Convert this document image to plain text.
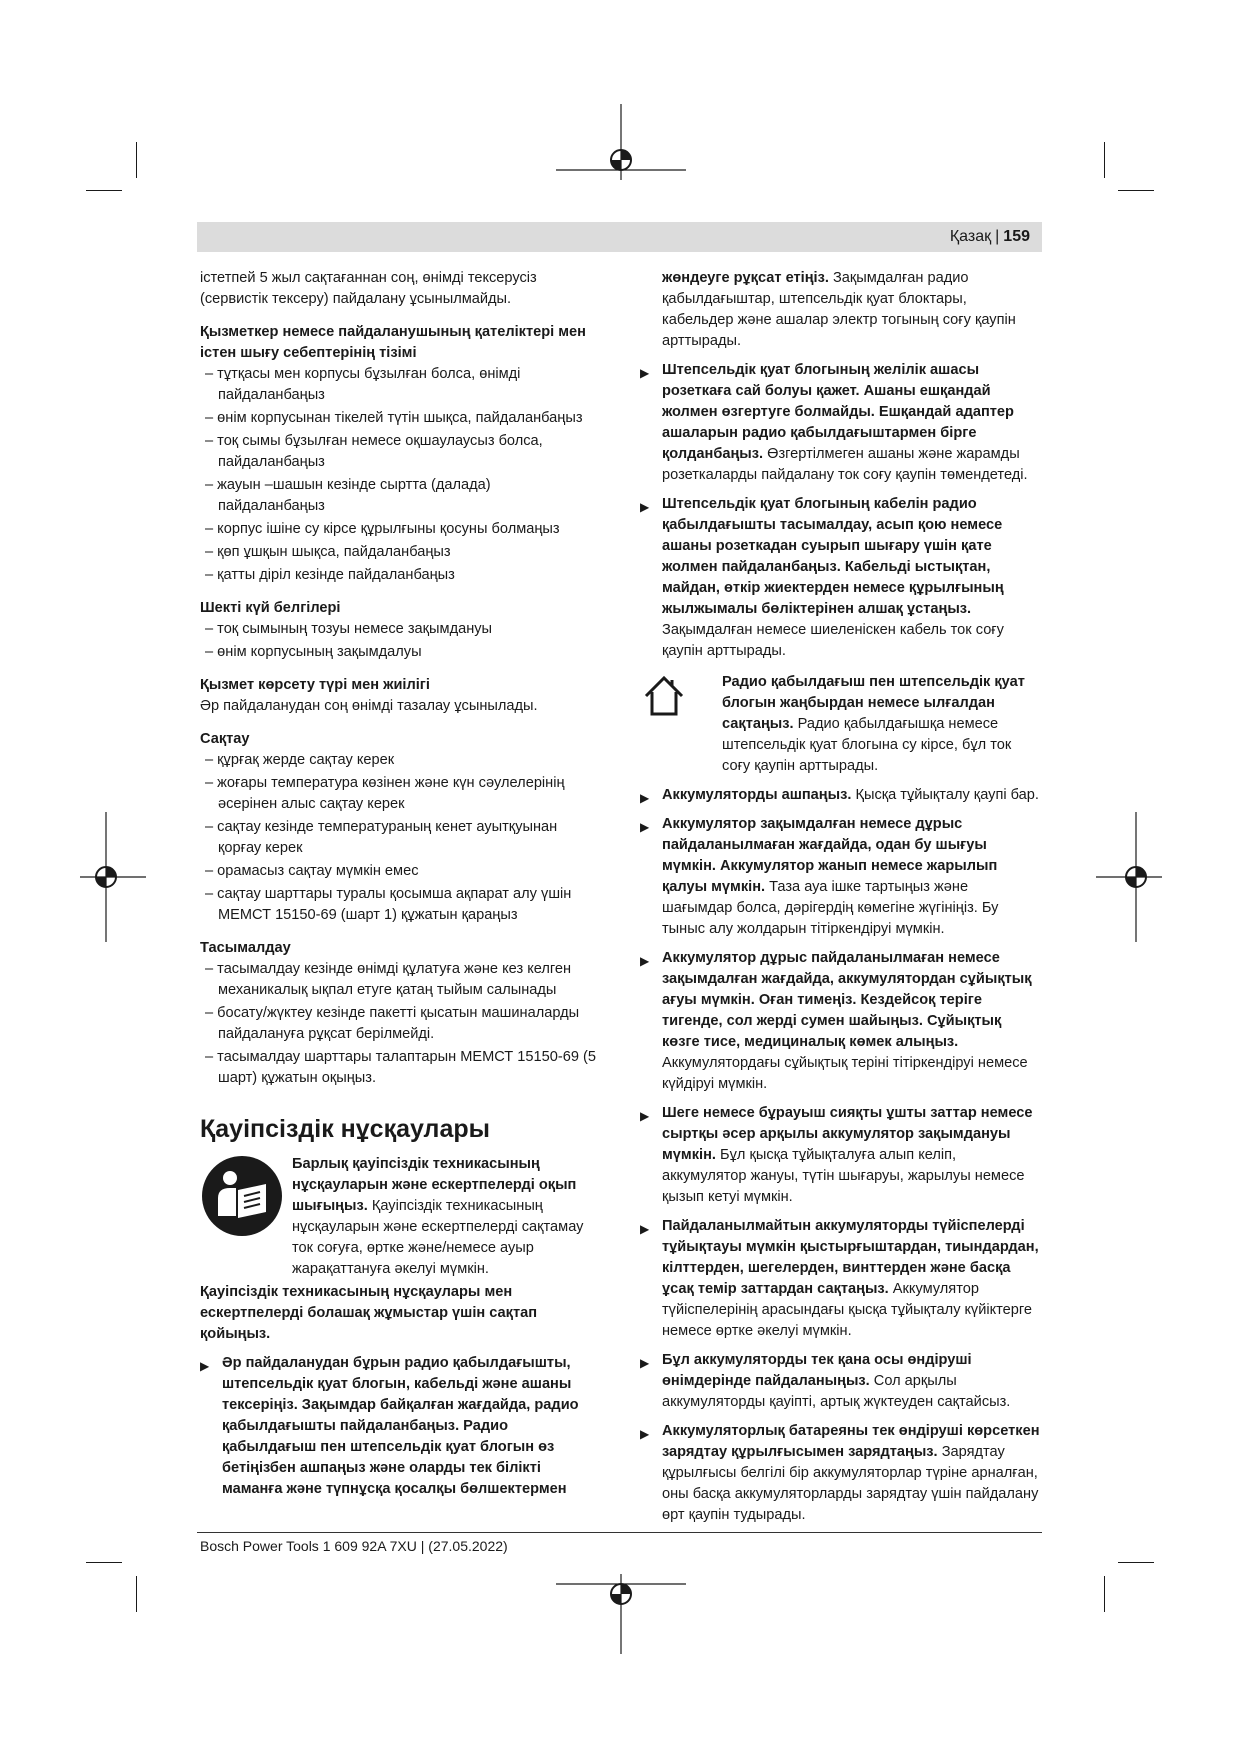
Қазақ | 159

істетпей 5 жыл сақтағаннан соң, өнімді тексерусіз (сервистік тексеру) пайдалану ұсынылмайды.

Қызметкер немесе пайдаланушының қателіктері мен істен шығу себептерінің тізімі

– тұтқасы мен корпусы бұзылған болса, өнімді пайдаланбаңыз
– өнім корпусынан тікелей түтін шықса, пайдаланбаңыз
– тоқ сымы бұзылған немесе оқшаулаусыз болса, пайдаланбаңыз
– жауын –шашын кезінде сыртта (далада) пайдаланбаңыз
– корпус ішіне су кірсе құрылғыны қосуны болмаңыз
– қөп ұшқын шықса, пайдаланбаңыз
– қатты діріл кезінде пайдаланбаңыз

Шекті күй белгілері

– тоқ сымының тозуы немесе зақымдануы
– өнім корпусының зақымдалуы

Қызмет көрсету түрі мен жиілігі

Әр пайдаланудан соң өнімді тазалау ұсынылады.

Сақтау

– құрғақ жерде сақтау керек
– жоғары температура көзінен және күн сәулелерінің әсерінен алыс сақтау керек
– сақтау кезінде температураның кенет ауытқуынан қорғау керек
– орамасыз сақтау мүмкін емес
– сақтау шарттары туралы қосымша ақпарат алу үшін МЕМСТ 15150-69 (шарт 1) құжатын қараңыз

Тасымалдау

– тасымалдау кезінде өнімді құлатуға және кез келген механикалық ықпал етуге қатаң тыйым салынады
– босату/жүктеу кезінде пакетті қысатын машиналарды пайдалануға рұқсат берілмейді.
– тасымалдау шарттары талаптарын МЕМСТ 15150-69 (5 шарт) құжатын оқыңыз.
Қауіпсіздік нұсқаулары

Барлық қауіпсіздік техникасының нұсқауларын және ескертпелерді оқып шығыңыз. Қауіпсіздік техникасының нұсқауларын және ескертпелерді сақтамау ток соғуға, өртке және/немесе ауыр жарақаттануға әкелуі мүмкін.

Қауіпсіздік техникасының нұсқаулары мен ескертпелерді болашақ жұмыстар үшін сақтап қойыңыз.

▶ Әр пайдаланудан бұрын радио қабылдағышты, штепсельдік қуат блогын, кабельді және ашаны тексеріңіз. Зақымдар байқалған жағдайда, радио қабылдағышты пайдаланбаңыз. Радио қабылдағыш пен штепсельдік қуат блогын өз бетіңізбен ашпаңыз және оларды тек білікті маманға және түпнұсқа қосалқы бөлшектермен

жөндеуге рұқсат етіңіз. Зақымдалған радио қабылдағыштар, штепсельдік қуат блоктары, кабельдер және ашалар электр тогының соғу қаупін арттырады.

▶ Штепсельдік қуат блогының желілік ашасы розеткаға сай болуы қажет. Ашаны ешқандай жолмен өзгертуге болмайды. Ешқандай адаптер ашаларын радио қабылдағыштармен бірге қолданбаңыз. Өзгертілмеген ашаны және жарамды розеткаларды пайдалану ток соғу қаупін төмендетеді.

▶ Штепсельдік қуат блогының кабелін радио қабылдағышты тасымалдау, асып қою немесе ашаны розеткадан суырып шығару үшін қате жолмен пайдаланбаңыз. Кабельді ыстықтан, майдан, өткір жиектерден немесе құрылғының жылжымалы бөліктерінен алшақ ұстаңыз. Зақымдалған немесе шиеленіскен кабель ток соғу қаупін арттырады.

Радио қабылдағыш пен штепсельдік қуат блогын жаңбырдан немесе ылғалдан сақтаңыз. Радио қабылдағышқа немесе штепсельдік қуат блогына су кірсе, бұл ток соғу қаупін арттырады.

▶ Аккумуляторды ашпаңыз. Қысқа тұйықталу қаупі бар.

▶ Аккумулятор зақымдалған немесе дұрыс пайдаланылмаған жағдайда, одан бу шығуы мүмкін. Аккумулятор жанып немесе жарылып қалуы мүмкін. Таза ауа ішке тартыңыз және шағымдар болса, дәрігердің көмегіне жүгініңіз. Бу тыныс алу жолдарын тітіркендіруі мүмкін.

▶ Аккумулятор дұрыс пайдаланылмаған немесе зақымдалған жағдайда, аккумулятордан сұйықтық ағуы мүмкін. Оған тимеңіз. Кездейсоқ теріге тигенде, сол жерді сумен шайыңыз. Сұйықтық көзге тисе, медициналық көмек алыңыз. Аккумулятордағы сұйықтық теріні тітіркендіруі немесе күйдіруі мүмкін.

▶ Шеге немесе бұрауыш сияқты ұшты заттар немесе сыртқы әсер арқылы аккумулятор зақымдануы мүмкін. Бұл қысқа тұйықталуға алып келіп, аккумулятор жануы, түтін шығаруы, жарылуы немесе қызып кетуі мүмкін.

▶ Пайдаланылмайтын аккумуляторды түйіспелерді тұйықтауы мүмкін қыстырғыштардан, тиындардан, кілттерден, шегелерден, винттерден және басқа ұсақ темір заттардан сақтаңыз. Аккумулятор түйіспелерінің арасындағы қысқа тұйықталу күйіктерге немесе өртке әкелуі мүмкін.

▶ Бұл аккумуляторды тек қана осы өндіруші өнімдерінде пайдаланыңыз. Сол арқылы аккумуляторды қауіпті, артық жүктеуден сақтайсыз.

▶ Аккумуляторлық батареяны тек өндіруші көрсеткен зарядтау құрылғысымен зарядтаңыз. Зарядтау құрылғысы белгілі бір аккумуляторлар түріне арналған, оны басқа аккумуляторларды зарядтау үшін пайдалану өрт қаупін тудырады.

Bosch Power Tools 1 609 92A 7XU | (27.05.2022)
